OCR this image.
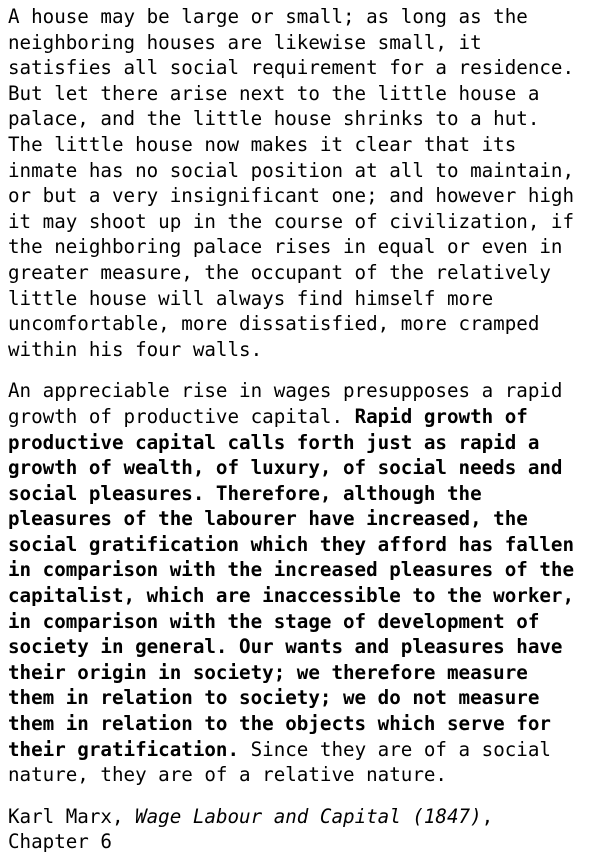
A house may be large or small; as long as the
neighboring houses are likewise small, it
satisfies all social requirement for a residence.
But let there arise next to the little house a
palace, and the little house shrinks to a hut.
The little house now makes it clear that its
inmate has no social position at all to maintain,
or but a very insignificant one; and however high
it may shoot up in the course of civilization, if
the neighboring palace rises in equal or even in
greater measure, the occupant of the relatively
little house will always find himself more
uncomfortable, more dissatisfied, more cramped
within his four walls.
An appreciable rise in wages presupposes a rapid
growth of productive capital. Rapid growth of
productive capital calls forth just as rapid a
growth of wealth, of luxury, of social needs and
social pleasures. Therefore, although the
pleasures of the labourer have increased, the
social gratification which they afford has fallen
in comparison with the increased pleasures of the
capitalist, which are inaccessible to the worker,
in comparison with the stage of development of
society in general. Our wants and pleasures have
their origin in society; we therefore measure
them in relation to society; we do not measure
them in relation to the objects which serve for
their gratification. Since they are of a social
nature, they are of a relative nature.
Karl Marx, Wage Labour and Capital (1847),
Chapter 6
